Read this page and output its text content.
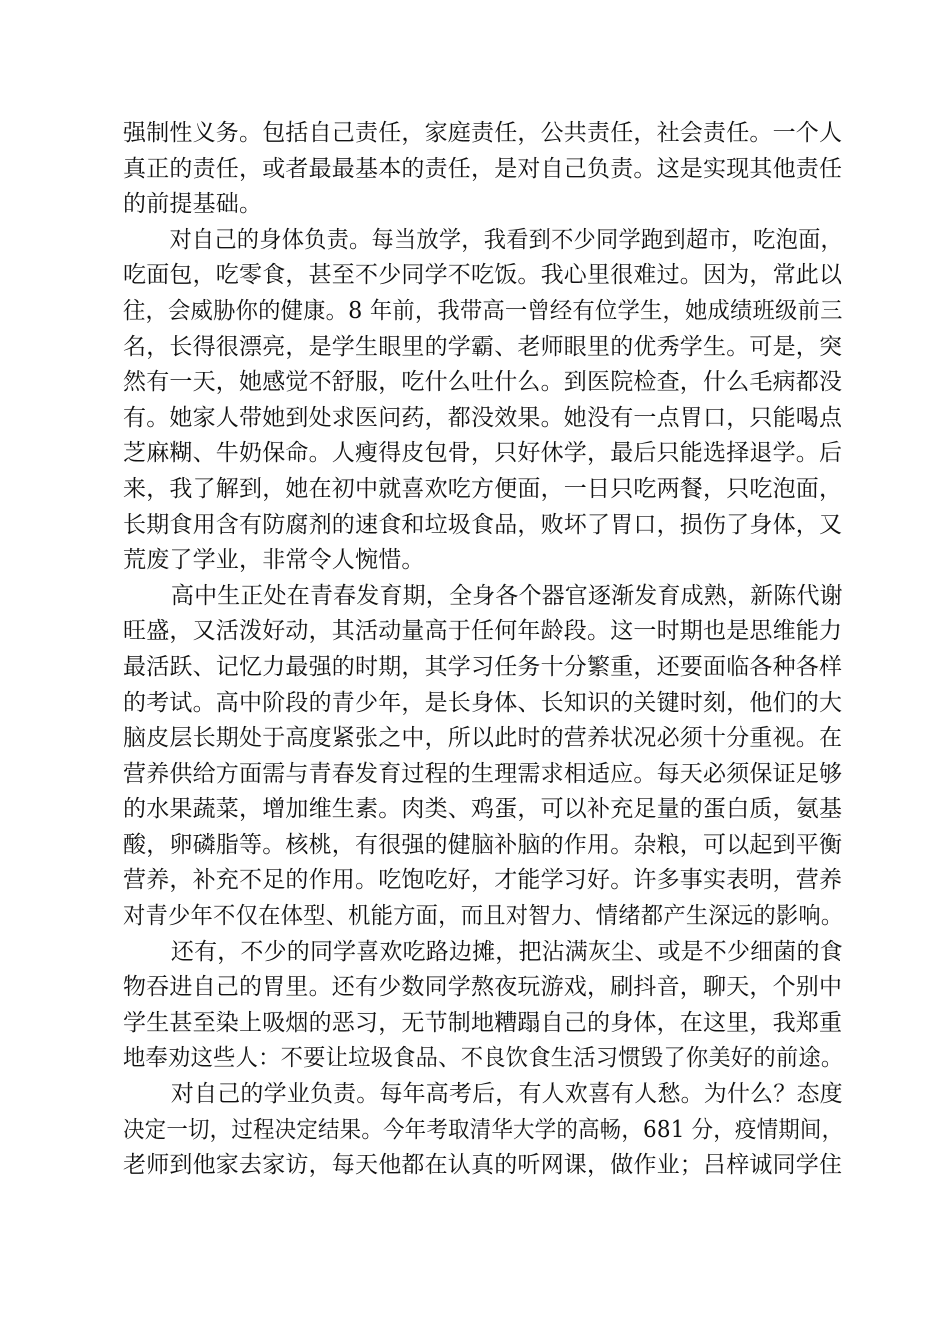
强制性义务。包括自己责任，家庭责任，公共责任，社会责任。一个人
真正的责任，或者最最基本的责任，是对自己负责。这是实现其他责任
的前提基础。
对自己的身体负责。每当放学，我看到不少同学跑到超市，吃泡面，
吃面包，吃零食，甚至不少同学不吃饭。我心里很难过。因为，常此以
往，会威胁你的健康。8 年前，我带高一曾经有位学生，她成绩班级前三
名，长得很漂亮，是学生眼里的学霸、老师眼里的优秀学生。可是，突
然有一天，她感觉不舒服，吃什么吐什么。到医院检查，什么毛病都没
有。她家人带她到处求医问药，都没效果。她没有一点胃口，只能喝点
芝麻糊、牛奶保命。人瘦得皮包骨，只好休学，最后只能选择退学。后
来，我了解到，她在初中就喜欢吃方便面，一日只吃两餐，只吃泡面，
长期食用含有防腐剂的速食和垃圾食品，败坏了胃口，损伤了身体，又
荒废了学业，非常令人惋惜。
高中生正处在青春发育期，全身各个器官逐渐发育成熟，新陈代谢
旺盛，又活泼好动，其活动量高于任何年龄段。这一时期也是思维能力
最活跃、记忆力最强的时期，其学习任务十分繁重，还要面临各种各样
的考试。高中阶段的青少年，是长身体、长知识的关键时刻，他们的大
脑皮层长期处于高度紧张之中，所以此时的营养状况必须十分重视。在
营养供给方面需与青春发育过程的生理需求相适应。每天必须保证足够
的水果蔬菜，增加维生素。肉类、鸡蛋，可以补充足量的蛋白质，氨基
酸，卵磷脂等。核桃，有很强的健脑补脑的作用。杂粮，可以起到平衡
营养，补充不足的作用。吃饱吃好，才能学习好。许多事实表明，营养
对青少年不仅在体型、机能方面，而且对智力、情绪都产生深远的影响。
还有，不少的同学喜欢吃路边摊，把沾满灰尘、或是不少细菌的食
物吞进自己的胃里。还有少数同学熬夜玩游戏，刷抖音，聊天，个别中
学生甚至染上吸烟的恶习，无节制地糟蹋自己的身体，在这里，我郑重
地奉劝这些人：不要让垃圾食品、不良饮食生活习惯毁了你美好的前途。
对自己的学业负责。每年高考后，有人欢喜有人愁。为什么？态度
决定一切，过程决定结果。今年考取清华大学的高畅，681 分，疫情期间，
老师到他家去家访，每天他都在认真的听网课，做作业；吕梓诚同学住
